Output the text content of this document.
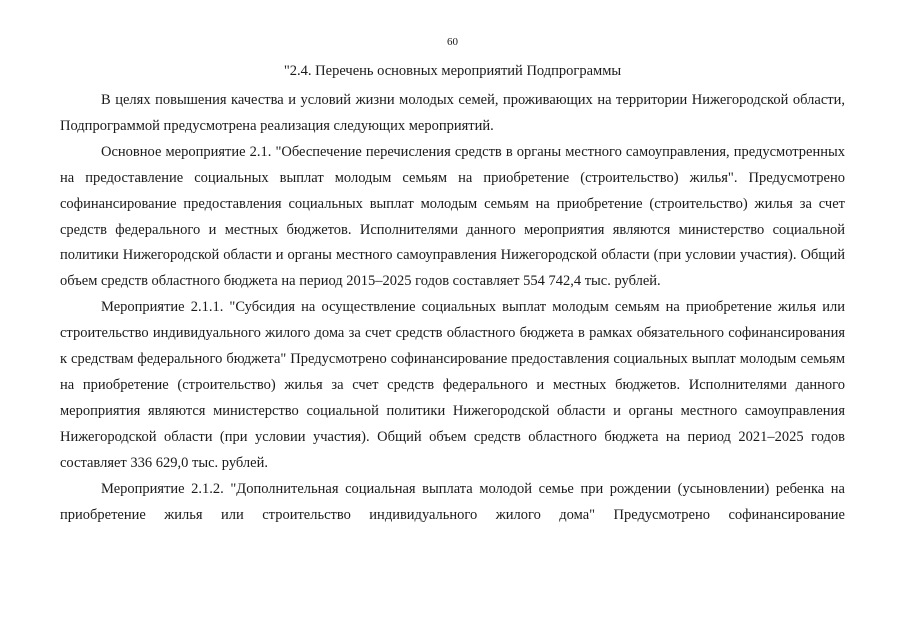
60
"2.4. Перечень основных мероприятий Подпрограммы

В целях повышения качества и условий жизни молодых семей, проживающих на территории Нижегородской области, Подпрограммой предусмотрена реализация следующих мероприятий.

Основное мероприятие 2.1. "Обеспечение перечисления средств в органы местного самоуправления, предусмотренных на предоставление социальных выплат молодым семьям на приобретение (строительство) жилья". Предусмотрено софинансирование предоставления социальных выплат молодым семьям на приобретение (строительство) жилья за счет средств федерального и местных бюджетов. Исполнителями данного мероприятия являются министерство социальной политики Нижегородской области и органы местного самоуправления Нижегородской области (при условии участия). Общий объем средств областного бюджета на период 2015–2025 годов составляет 554 742,4 тыс. рублей.

Мероприятие 2.1.1. "Субсидия на осуществление социальных выплат молодым семьям на приобретение жилья или строительство индивидуального жилого дома за счет средств областного бюджета в рамках обязательного софинансирования к средствам федерального бюджета" Предусмотрено софинансирование предоставления социальных выплат молодым семьям на приобретение (строительство) жилья за счет средств федерального и местных бюджетов. Исполнителями данного мероприятия являются министерство социальной политики Нижегородской области и органы местного самоуправления Нижегородской области (при условии участия). Общий объем средств областного бюджета на период 2021–2025 годов составляет 336 629,0 тыс. рублей.

Мероприятие 2.1.2. "Дополнительная социальная выплата молодой семье при рождении (усыновлении) ребенка на приобретение жилья или строительство индивидуального жилого дома" Предусмотрено софинансирование
